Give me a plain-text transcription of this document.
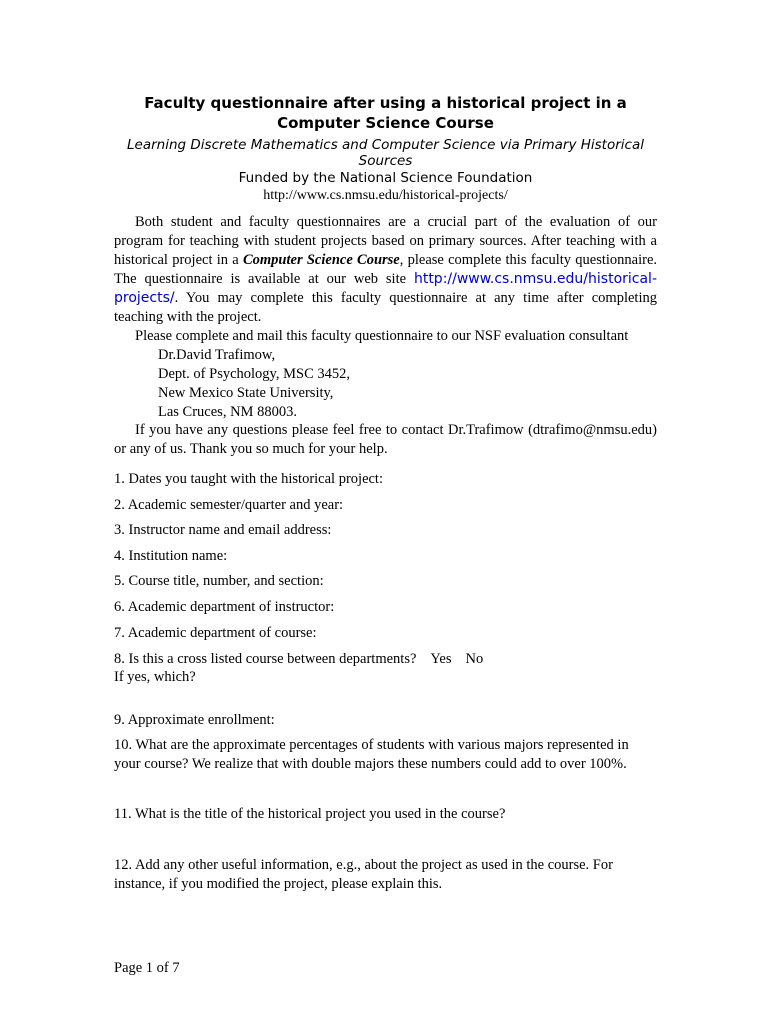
Faculty questionnaire after using a historical project in a Computer Science Course
Learning Discrete Mathematics and Computer Science via Primary Historical Sources
Funded by the National Science Foundation
http://www.cs.nmsu.edu/historical-projects/
Both student and faculty questionnaires are a crucial part of the evaluation of our program for teaching with student projects based on primary sources. After teaching with a historical project in a Computer Science Course, please complete this faculty questionnaire. The questionnaire is available at our web site http://www.cs.nmsu.edu/historical-projects/. You may complete this faculty questionnaire at any time after completing teaching with the project.
Please complete and mail this faculty questionnaire to our NSF evaluation consultant
Dr.David Trafimow,
Dept. of Psychology, MSC 3452,
New Mexico State University,
Las Cruces, NM 88003.
If you have any questions please feel free to contact Dr.Trafimow (dtrafimo@nmsu.edu) or any of us. Thank you so much for your help.
1. Dates you taught with the historical project:
2. Academic semester/quarter and year:
3. Instructor name and email address:
4. Institution name:
5. Course title, number, and section:
6. Academic department of instructor:
7. Academic department of course:
8. Is this a cross listed course between departments? Yes No
If yes, which?
9. Approximate enrollment:
10. What are the approximate percentages of students with various majors represented in your course? We realize that with double majors these numbers could add to over 100%.
11. What is the title of the historical project you used in the course?
12. Add any other useful information, e.g., about the project as used in the course. For instance, if you modified the project, please explain this.
Page 1 of 7
